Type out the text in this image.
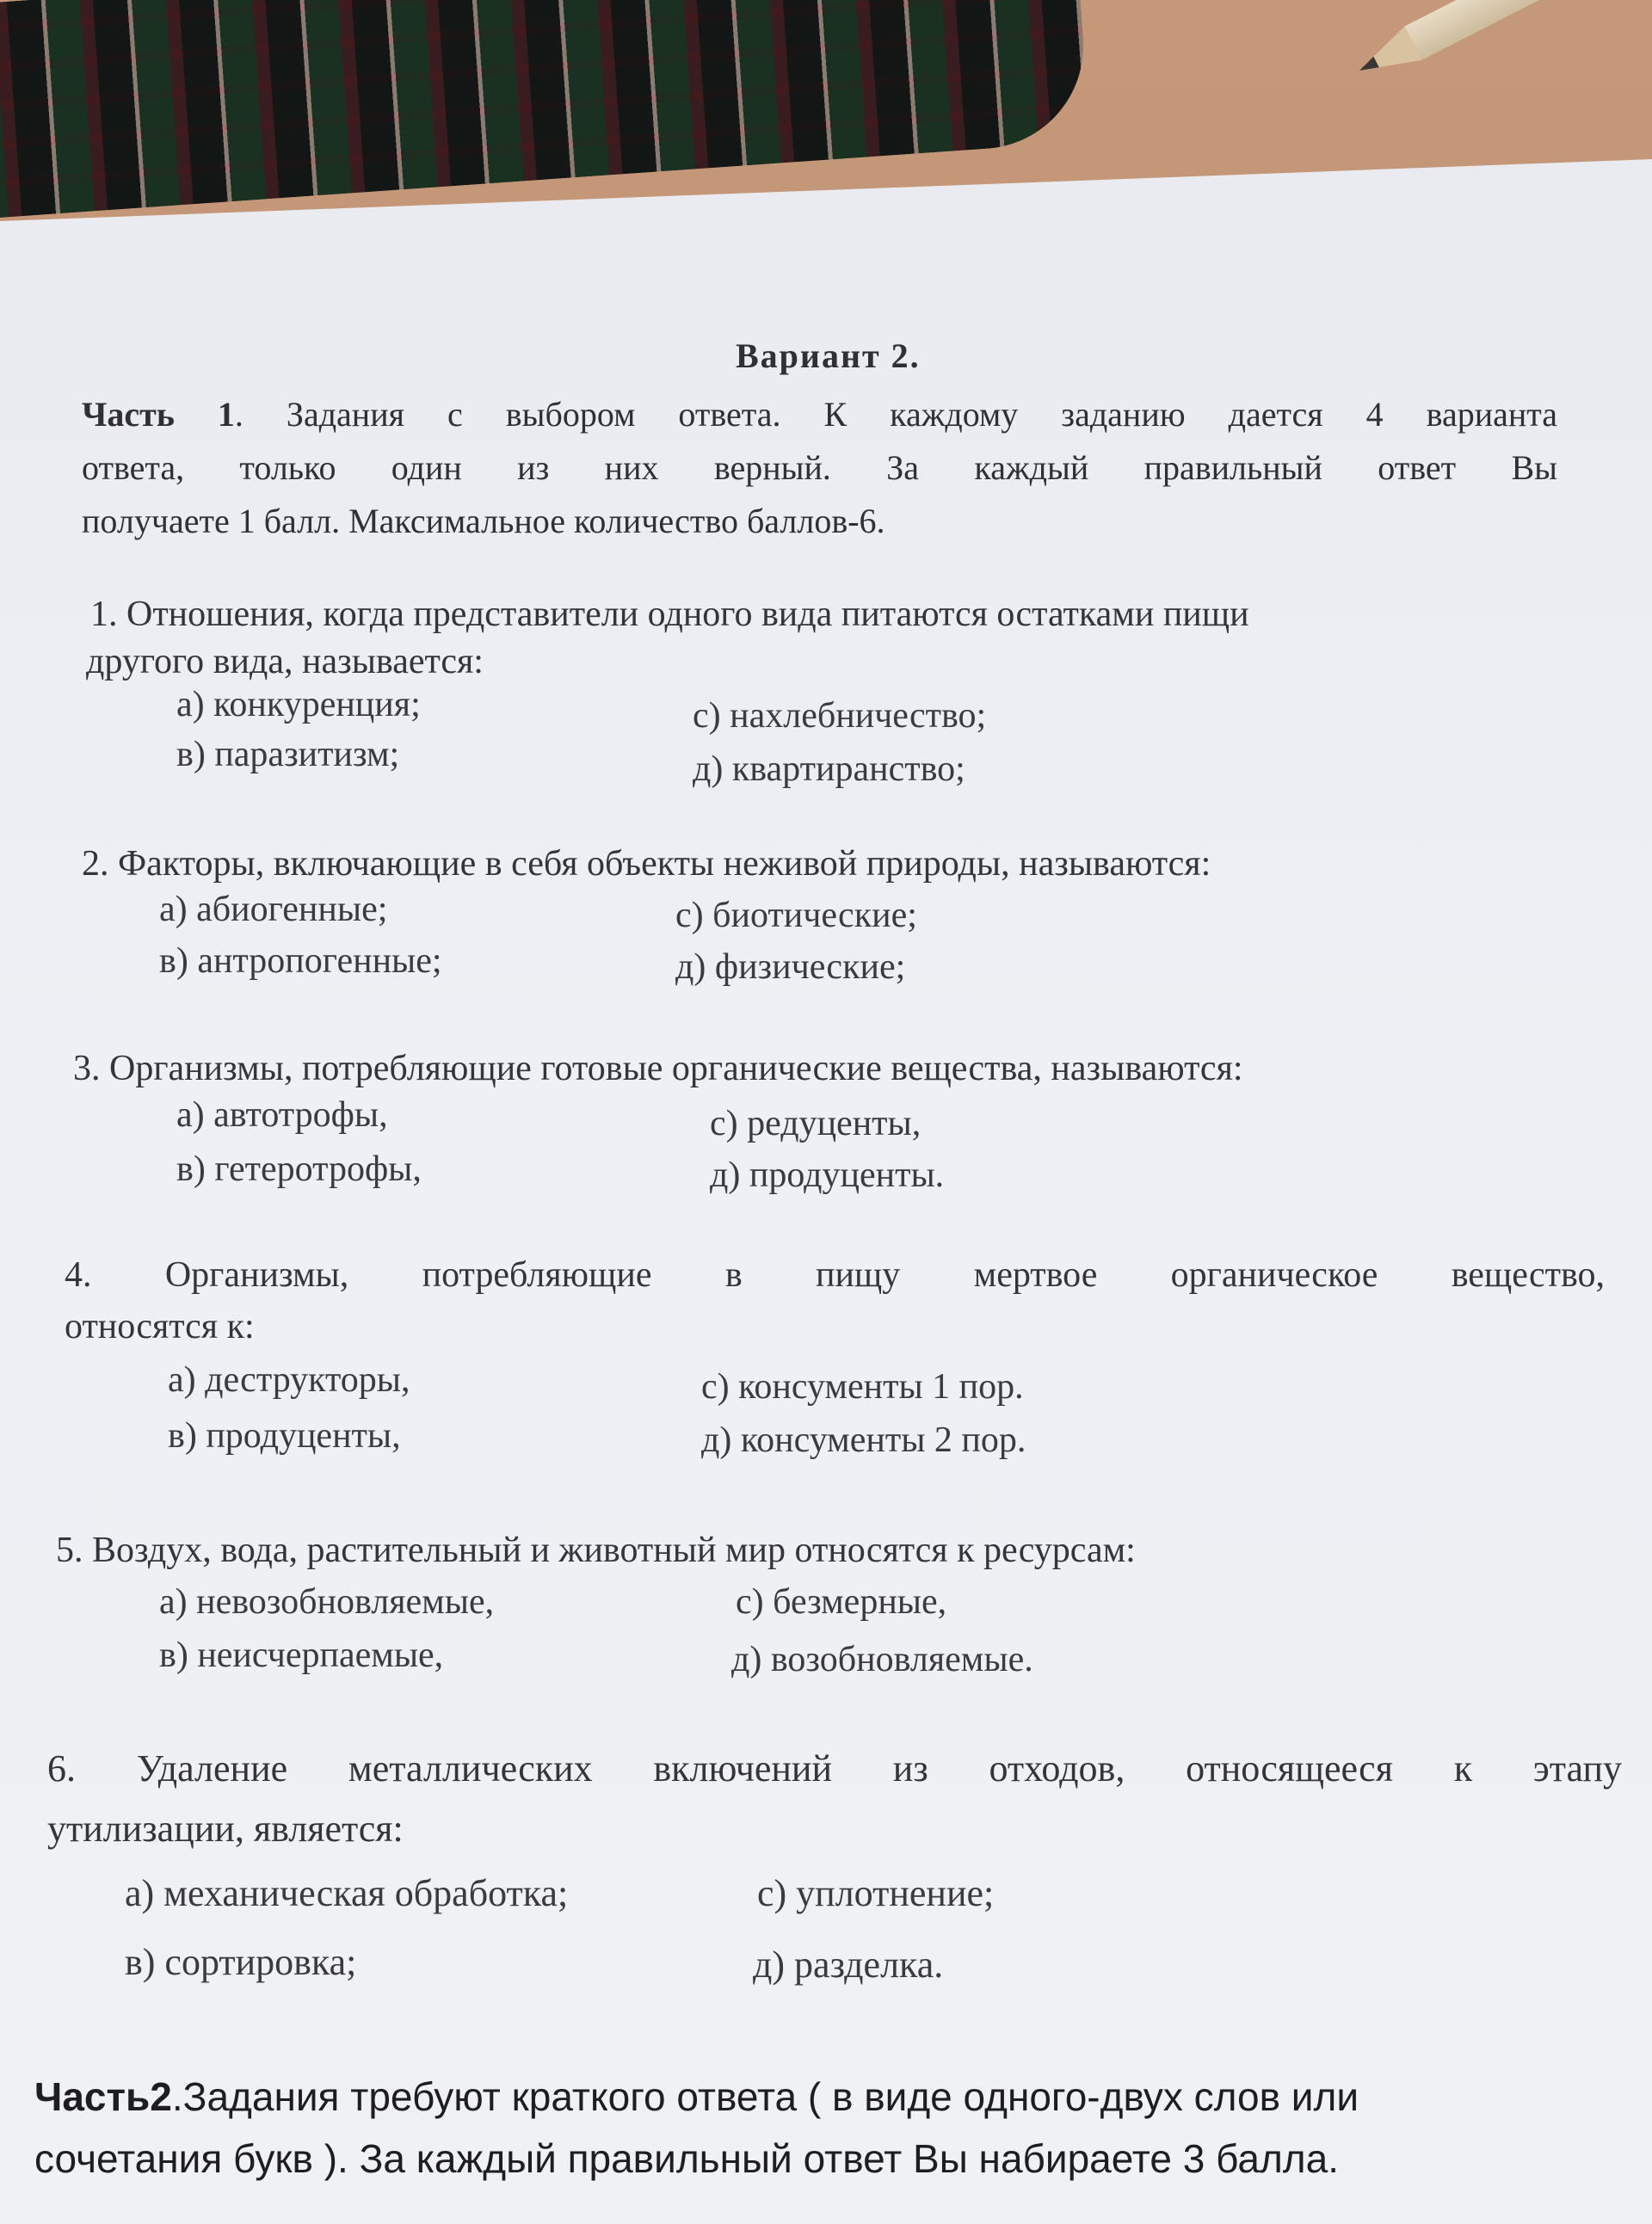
Вариант 2.
Часть 1. Задания с выбором ответа. К каждому заданию дается 4 варианта
ответа, только один из них верный. За каждый правильный ответ Вы
получаете 1 балл. Максимальное количество баллов-6.
1. Отношения, когда представители одного вида питаются остатками пищи
другого вида, называется:
а) конкуренция;	с) нахлебничество;
в) паразитизм;	д) квартиранство;
2. Факторы, включающие в себя объекты неживой природы, называются:
а) абиогенные;	с) биотические;
в) антропогенные;	д) физические;
3. Организмы, потребляющие готовые органические вещества, называются:
а) автотрофы,	с) редуценты,
в) гетеротрофы,	д) продуценты.
4. Организмы, потребляющие в пищу мертвое органическое вещество,
относятся к:
а) деструкторы,	с) консументы 1 пор.
в) продуценты,	д) консументы 2 пор.
5. Воздух, вода, растительный и животный мир относятся к ресурсам:
а) невозобновляемые,	с) безмерные,
в) неисчерпаемые,	д) возобновляемые.
6. Удаление металлических включений из отходов, относящееся к этапу
утилизации, является:
а) механическая обработка;	с) уплотнение;
в) сортировка;	д) разделка.
Часть2.Задания требуют краткого ответа ( в виде одного-двух слов или
сочетания букв ). За каждый правильный ответ Вы набираете 3 балла.
